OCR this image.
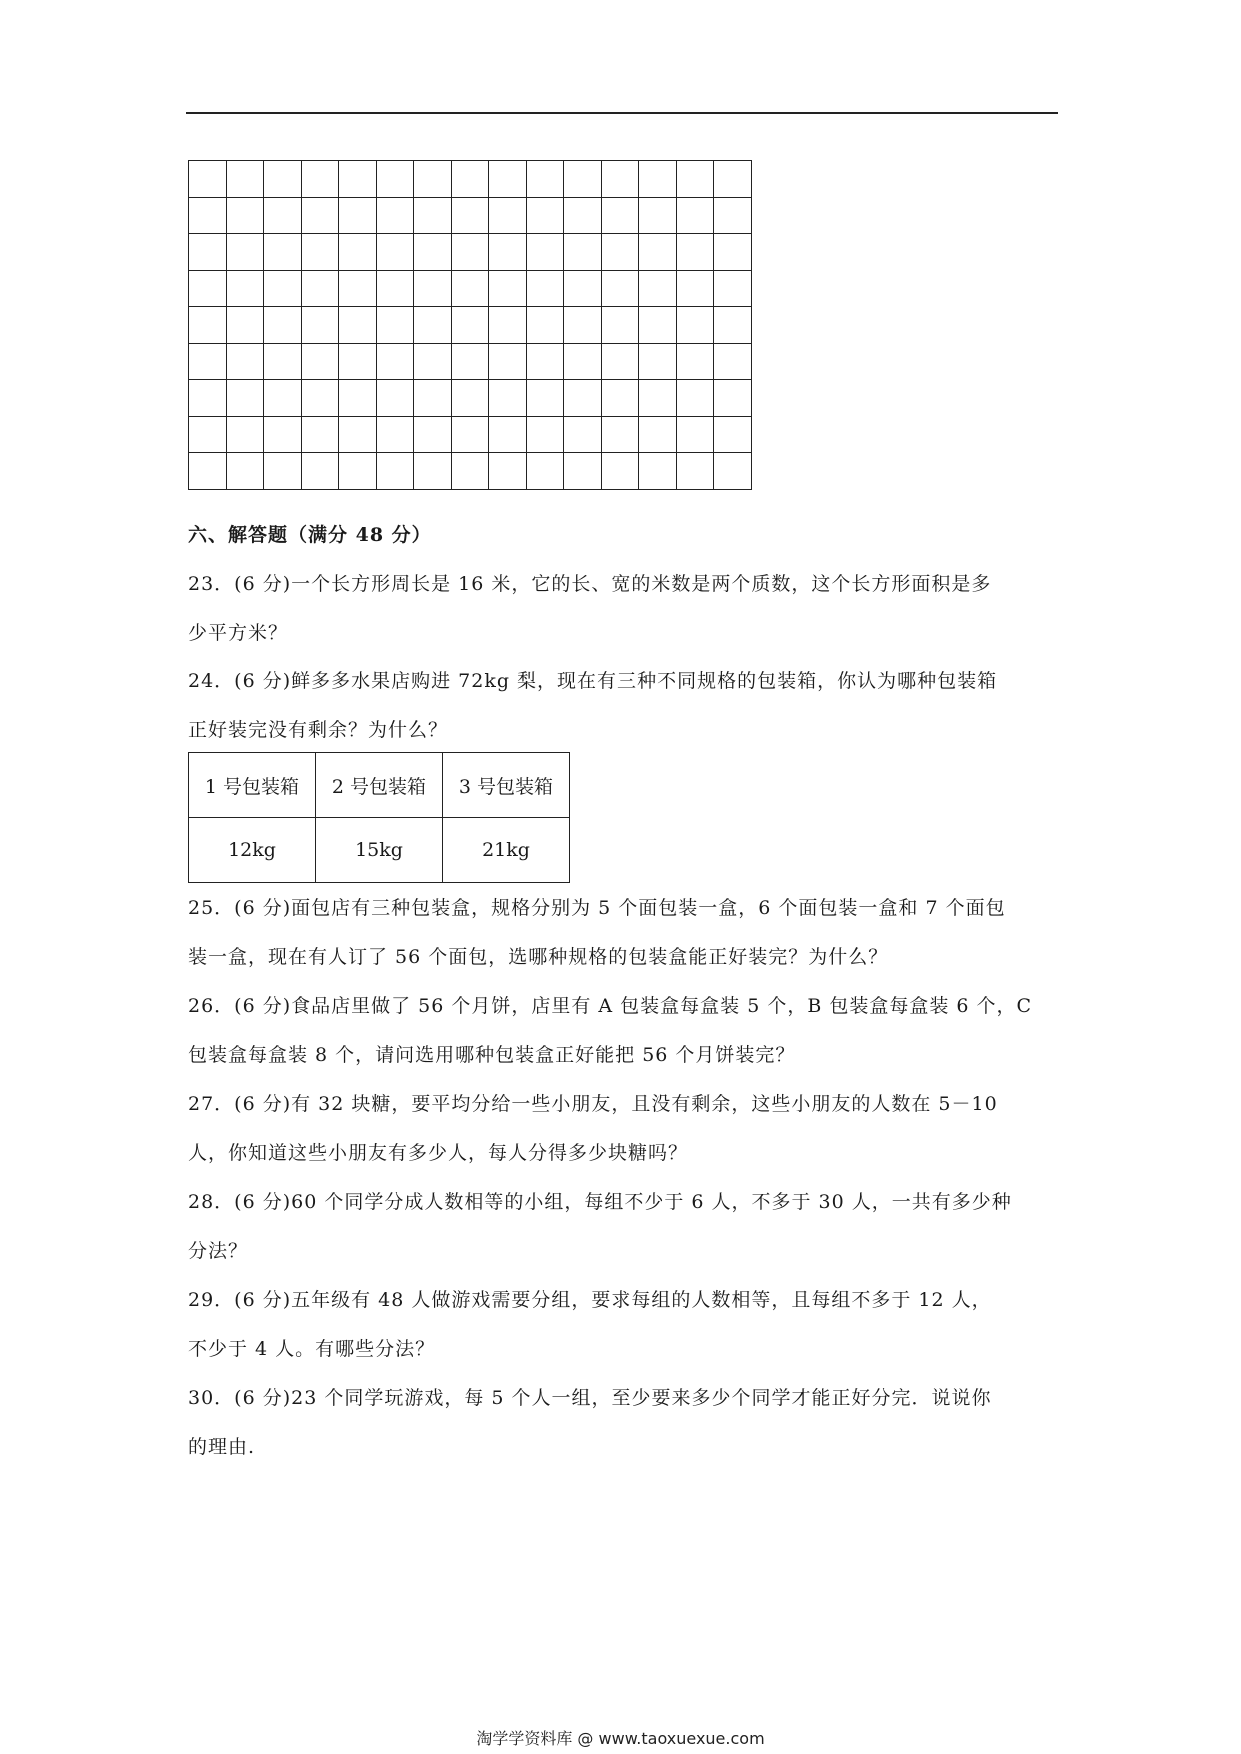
六、解答题（满分 48 分）
23．(6 分)一个长方形周长是 16 米，它的长、宽的米数是两个质数，这个长方形面积是多
少平方米？
24．(6 分)鲜多多水果店购进 72kg 梨，现在有三种不同规格的包装箱，你认为哪种包装箱
正好装完没有剩余？为什么？
1 号包装箱	2 号包装箱	3 号包装箱
12kg	15kg	21kg
25．(6 分)面包店有三种包装盒，规格分别为 5 个面包装一盒，6 个面包装一盒和 7 个面包
装一盒，现在有人订了 56 个面包，选哪种规格的包装盒能正好装完？为什么？
26．(6 分)食品店里做了 56 个月饼，店里有 A 包装盒每盒装 5 个，B 包装盒每盒装 6 个，C
包装盒每盒装 8 个，请问选用哪种包装盒正好能把 56 个月饼装完？
27．(6 分)有 32 块糖，要平均分给一些小朋友，且没有剩余，这些小朋友的人数在 5－10
人，你知道这些小朋友有多少人，每人分得多少块糖吗？
28．(6 分)60 个同学分成人数相等的小组，每组不少于 6 人，不多于 30 人，一共有多少种
分法？
29．(6 分)五年级有 48 人做游戏需要分组，要求每组的人数相等，且每组不多于 12 人，
不少于 4 人。有哪些分法？
30．(6 分)23 个同学玩游戏，每 5 个人一组，至少要来多少个同学才能正好分完．说说你
的理由.
淘学学资料库 @ www.taoxuexue.com
